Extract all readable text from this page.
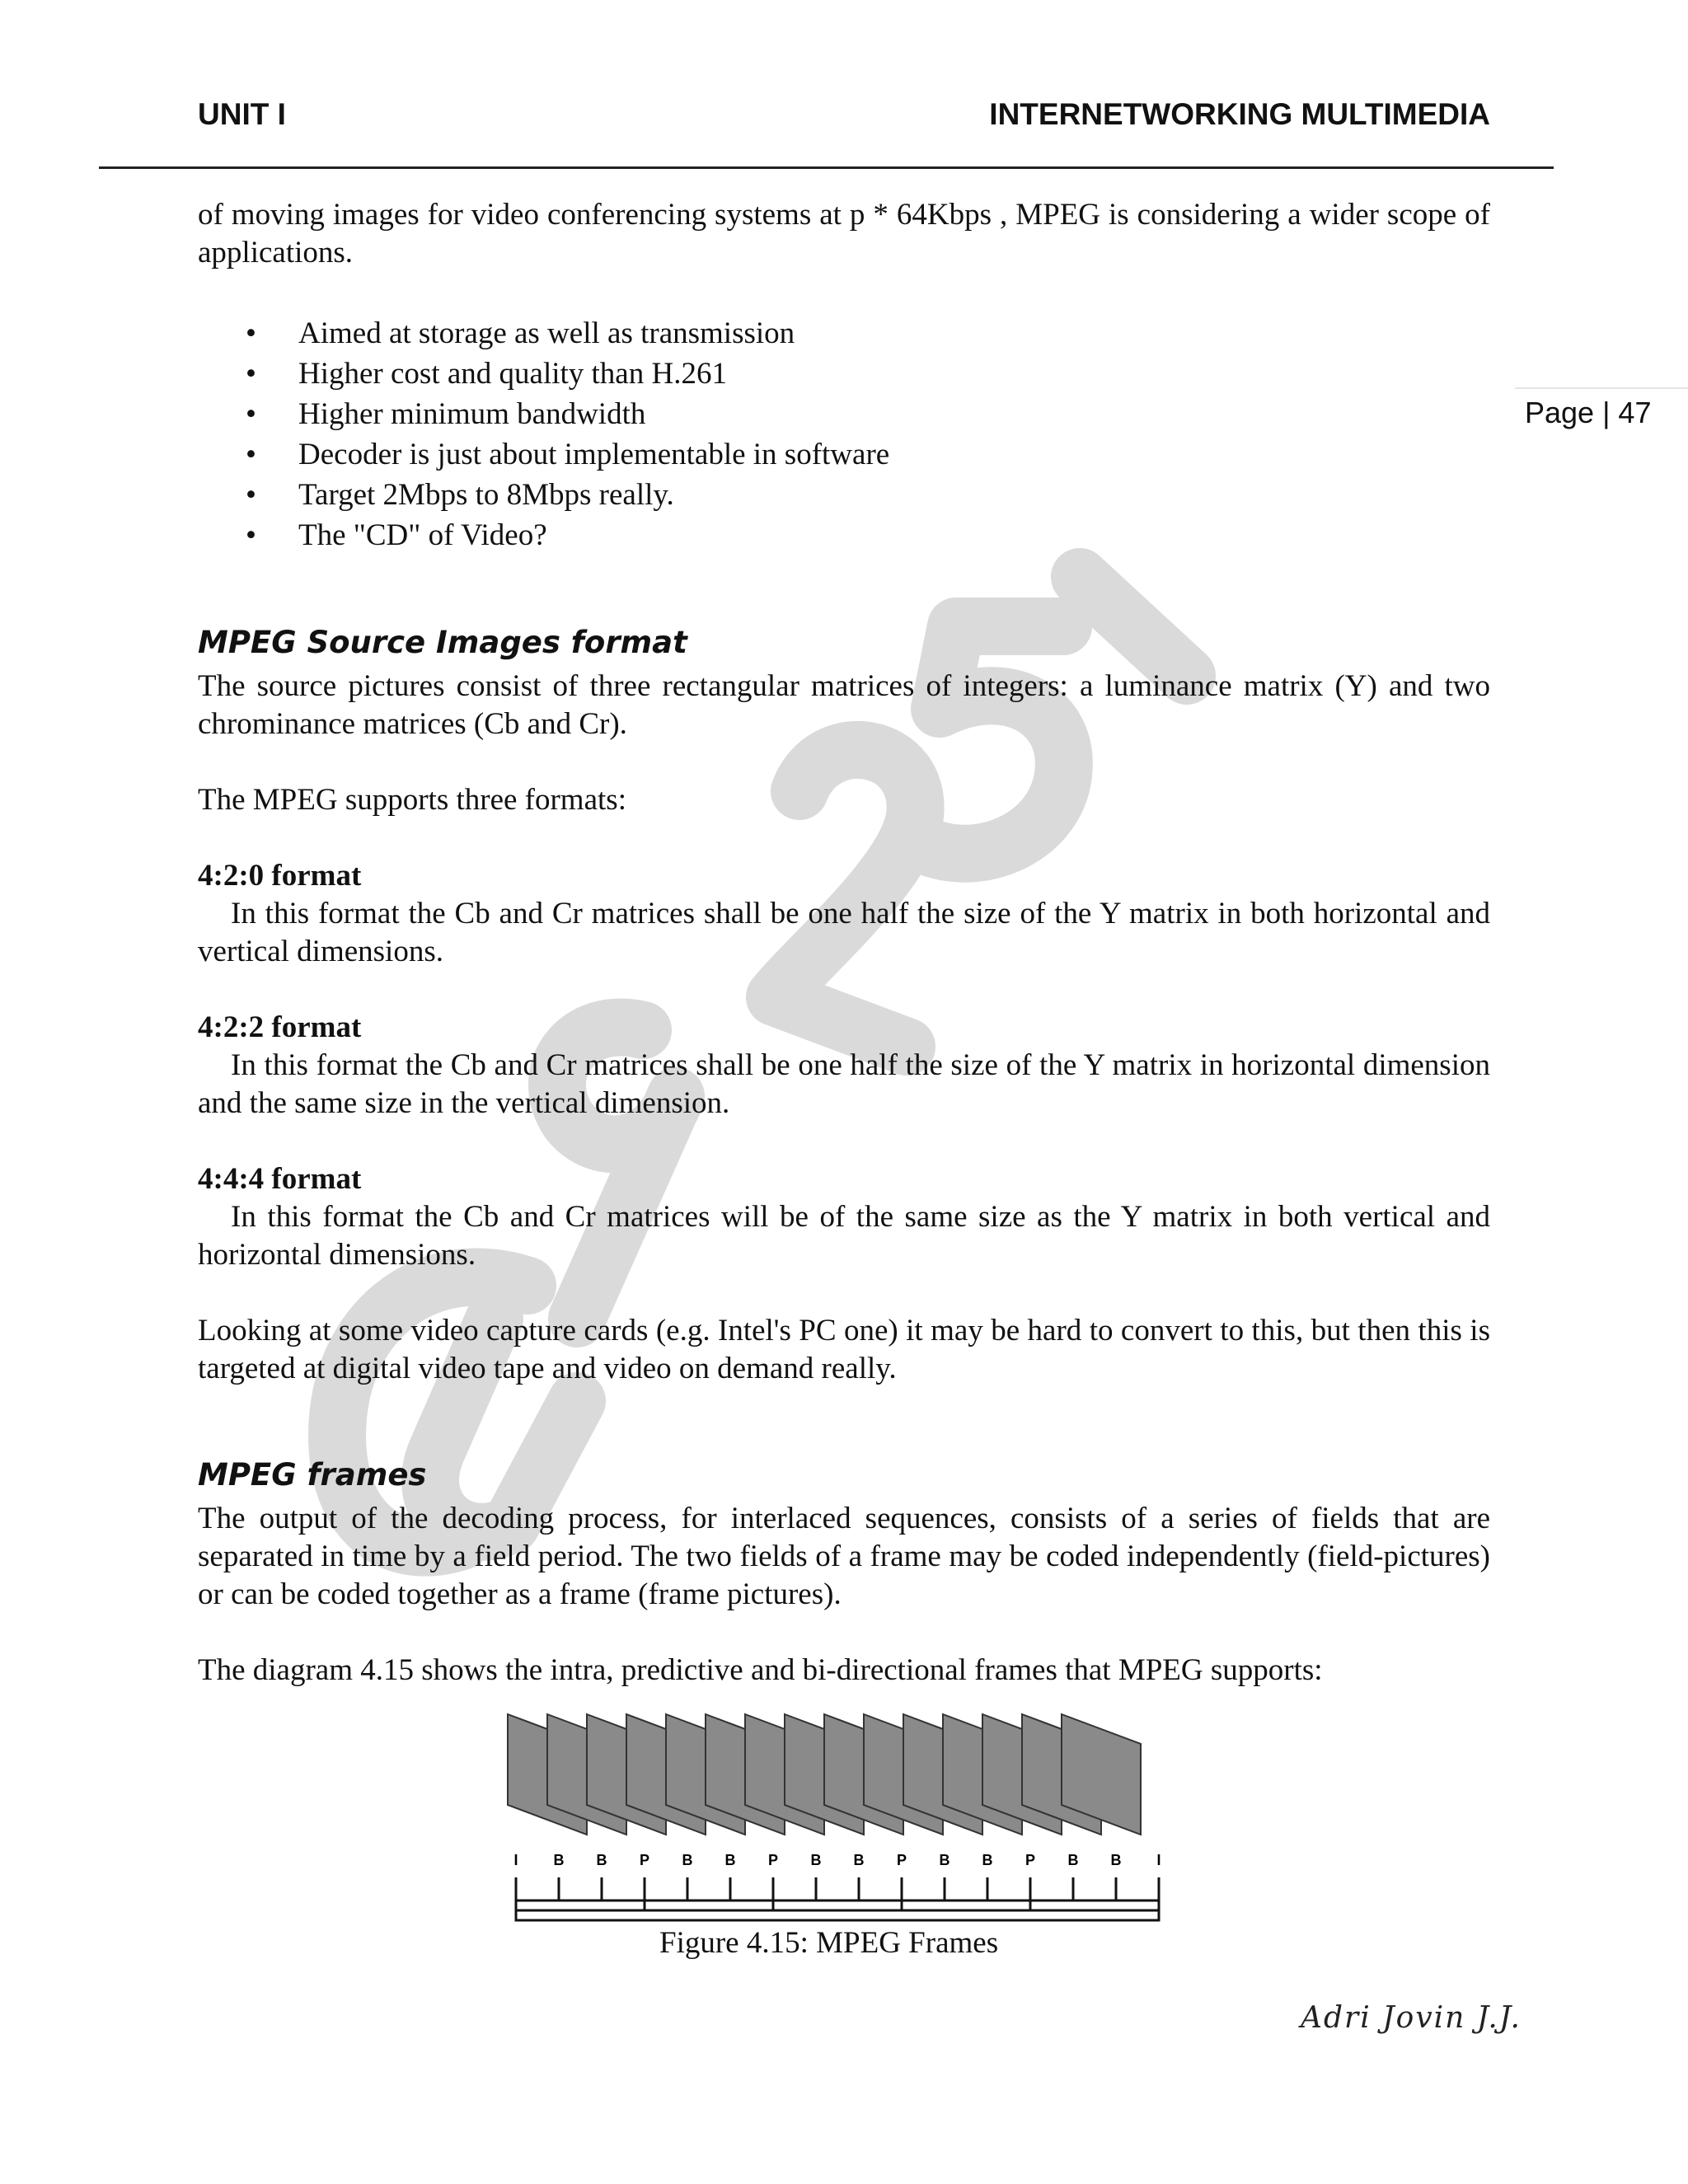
UNIT I	INTERNETWORKING MULTIMEDIA
Page | 47

of moving images for video conferencing systems at p * 64Kbps , MPEG is considering a wider scope of applications.

• Aimed at storage as well as transmission
• Higher cost and quality than H.261
• Higher minimum bandwidth
• Decoder is just about implementable in software
• Target 2Mbps to 8Mbps really.
• The "CD" of Video?
MPEG Source Images format

The source pictures consist of three rectangular matrices of integers: a luminance matrix (Y) and two chrominance matrices (Cb and Cr).

The MPEG supports three formats:

4:2:0 format

In this format the Cb and Cr matrices shall be one half the size of the Y matrix in both horizontal and vertical dimensions.

4:2:2 format

In this format the Cb and Cr matrices shall be one half the size of the Y matrix in horizontal dimension and the same size in the vertical dimension.

4:4:4 format

In this format the Cb and Cr matrices will be of the same size as the Y matrix in both vertical and horizontal dimensions.

Looking at some video capture cards (e.g. Intel's PC one) it may be hard to convert to this, but then this is targeted at digital video tape and video on demand really.

MPEG frames

The output of the decoding process, for interlaced sequences, consists of a series of fields that are separated in time by a field period. The two fields of a frame may be coded independently (field-pictures) or can be coded together as a frame (frame pictures).

The diagram 4.15 shows the intra, predictive and bi-directional frames that MPEG supports:

I B B P B B P B B P B B P B B I
Figure 4.15: MPEG Frames
Adri Jovin J.J.
